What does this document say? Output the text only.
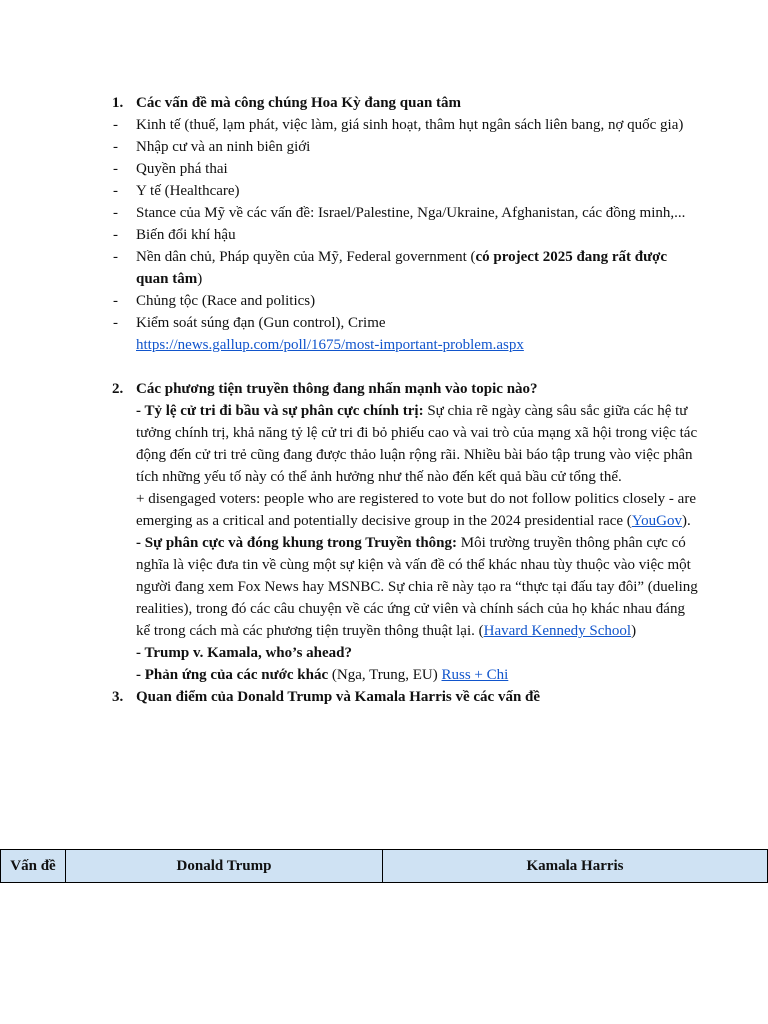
1. Các vấn đề mà công chúng Hoa Kỳ đang quan tâm
- Kinh tế (thuế, lạm phát, việc làm, giá sinh hoạt, thâm hụt ngân sách liên bang, nợ quốc gia)
- Nhập cư và an ninh biên giới
- Quyền phá thai
- Y tế (Healthcare)
- Stance của Mỹ về các vấn đề: Israel/Palestine, Nga/Ukraine, Afghanistan, các đồng minh,...
- Biến đổi khí hậu
- Nền dân chủ, Pháp quyền của Mỹ, Federal government (có project 2025 đang rất được quan tâm)
- Chủng tộc (Race and politics)
- Kiểm soát súng đạn (Gun control), Crime
https://news.gallup.com/poll/1675/most-important-problem.aspx
2. Các phương tiện truyền thông đang nhấn mạnh vào topic nào?
- Tỷ lệ cử tri đi bầu và sự phân cực chính trị: Sự chia rẽ ngày càng sâu sắc giữa các hệ tư tưởng chính trị, khả năng tỷ lệ cử tri đi bỏ phiếu cao và vai trò của mạng xã hội trong việc tác động đến cử tri trẻ cũng đang được thảo luận rộng rãi. Nhiều bài báo tập trung vào việc phân tích những yếu tố này có thể ảnh hưởng như thế nào đến kết quả bầu cử tổng thể.
+ disengaged voters: people who are registered to vote but do not follow politics closely - are emerging as a critical and potentially decisive group in the 2024 presidential race (YouGov).
- Sự phân cực và đóng khung trong Truyền thông: Môi trường truyền thông phân cực có nghĩa là việc đưa tin về cùng một sự kiện và vấn đề có thể khác nhau tùy thuộc vào việc một người đang xem Fox News hay MSNBC. Sự chia rẽ này tạo ra “thực tại đấu tay đôi” (dueling realities), trong đó các câu chuyện về các ứng cử viên và chính sách của họ khác nhau đáng kể trong cách mà các phương tiện truyền thông thuật lại. (Havard Kennedy School)
- Trump v. Kamala, who’s ahead?
- Phản ứng của các nước khác (Nga, Trung, EU) Russ + Chi
3. Quan điểm của Donald Trump và Kamala Harris về các vấn đề
Vấn đề	Donald Trump	Kamala Harris
